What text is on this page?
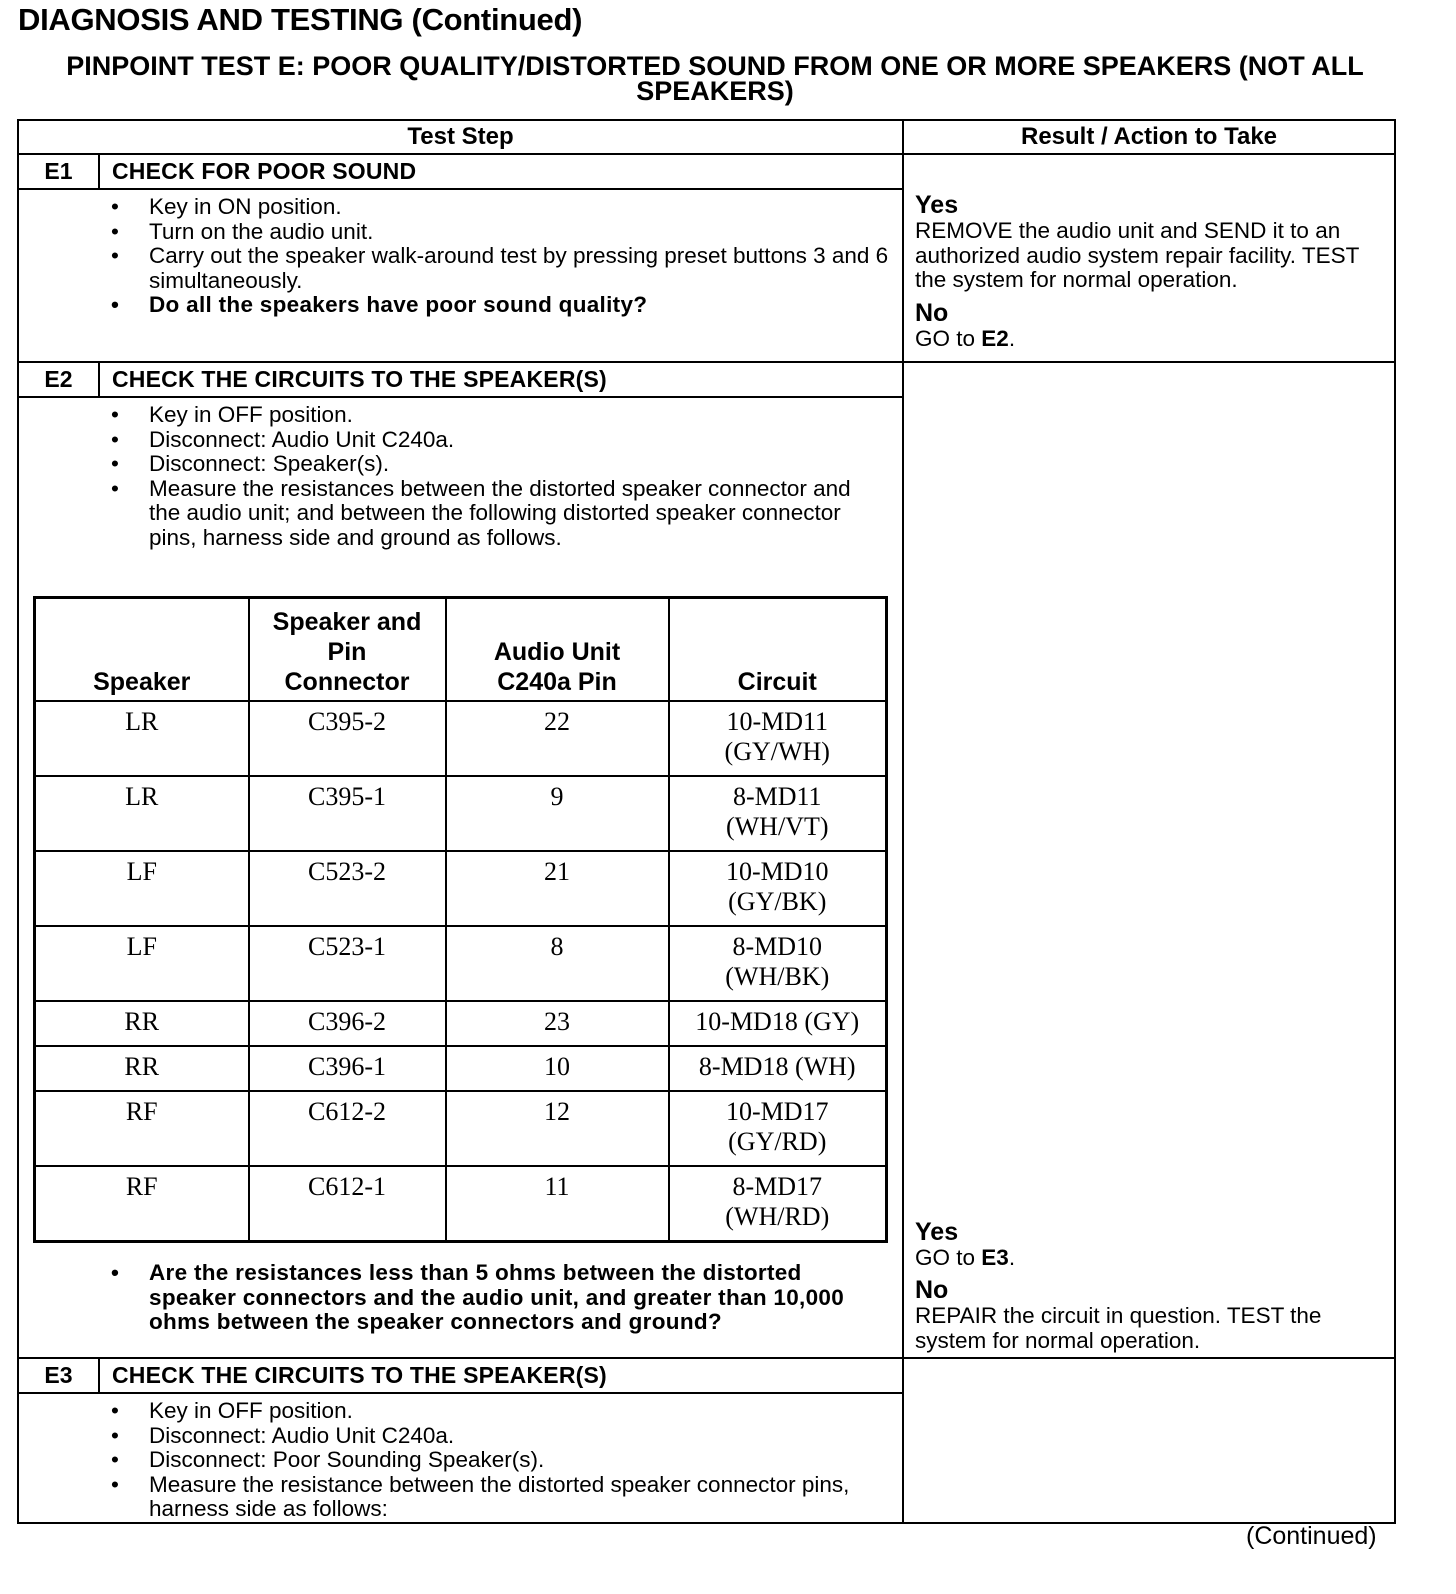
DIAGNOSIS AND TESTING (Continued)
PINPOINT TEST E: POOR QUALITY/DISTORTED SOUND FROM ONE OR MORE SPEAKERS (NOT ALL
SPEAKERS)
Test Step	Result / Action to Take
E1	CHECK FOR POOR SOUND	
Yes
REMOVE the audio unit and SEND it to an authorized audio system repair facility. TEST the system for normal operation.
No
GO to E2.

• Key in ON position.
• Turn on the audio unit.
• Carry out the speaker walk-around test by pressing preset buttons 3 and 6 simultaneously.
• Do all the speakers have poor sound quality?

E2	CHECK THE CIRCUITS TO THE SPEAKER(S)	
Yes
GO to E3.
No
REPAIR the circuit in question. TEST the system for normal operation.

• Key in OFF position.
• Disconnect: Audio Unit C240a.
• Disconnect: Speaker(s).
• Measure the resistances between the distorted speaker connector and the audio unit; and between the following distorted speaker connector pins, harness side and ground as follows.
Speaker	Speaker and Pin Connector	Audio Unit C240a Pin	Circuit
LR	C395-2	22	10-MD11 (GY/WH)
LR	C395-1	9	8-MD11 (WH/VT)
LF	C523-2	21	10-MD10 (GY/BK)
LF	C523-1	8	8-MD10 (WH/BK)
RR	C396-2	23	10-MD18 (GY)
RR	C396-1	10	8-MD18 (WH)
RF	C612-2	12	10-MD17 (GY/RD)
RF	C612-1	11	8-MD17 (WH/RD)
• Are the resistances less than 5 ohms between the distorted speaker connectors and the audio unit, and greater than 10,000 ohms between the speaker connectors and ground?

E3	CHECK THE CIRCUITS TO THE SPEAKER(S)	

• Key in OFF position.
• Disconnect: Audio Unit C240a.
• Disconnect: Poor Sounding Speaker(s).
• Measure the resistance between the distorted speaker connector pins, harness side as follows:
(Continued)
